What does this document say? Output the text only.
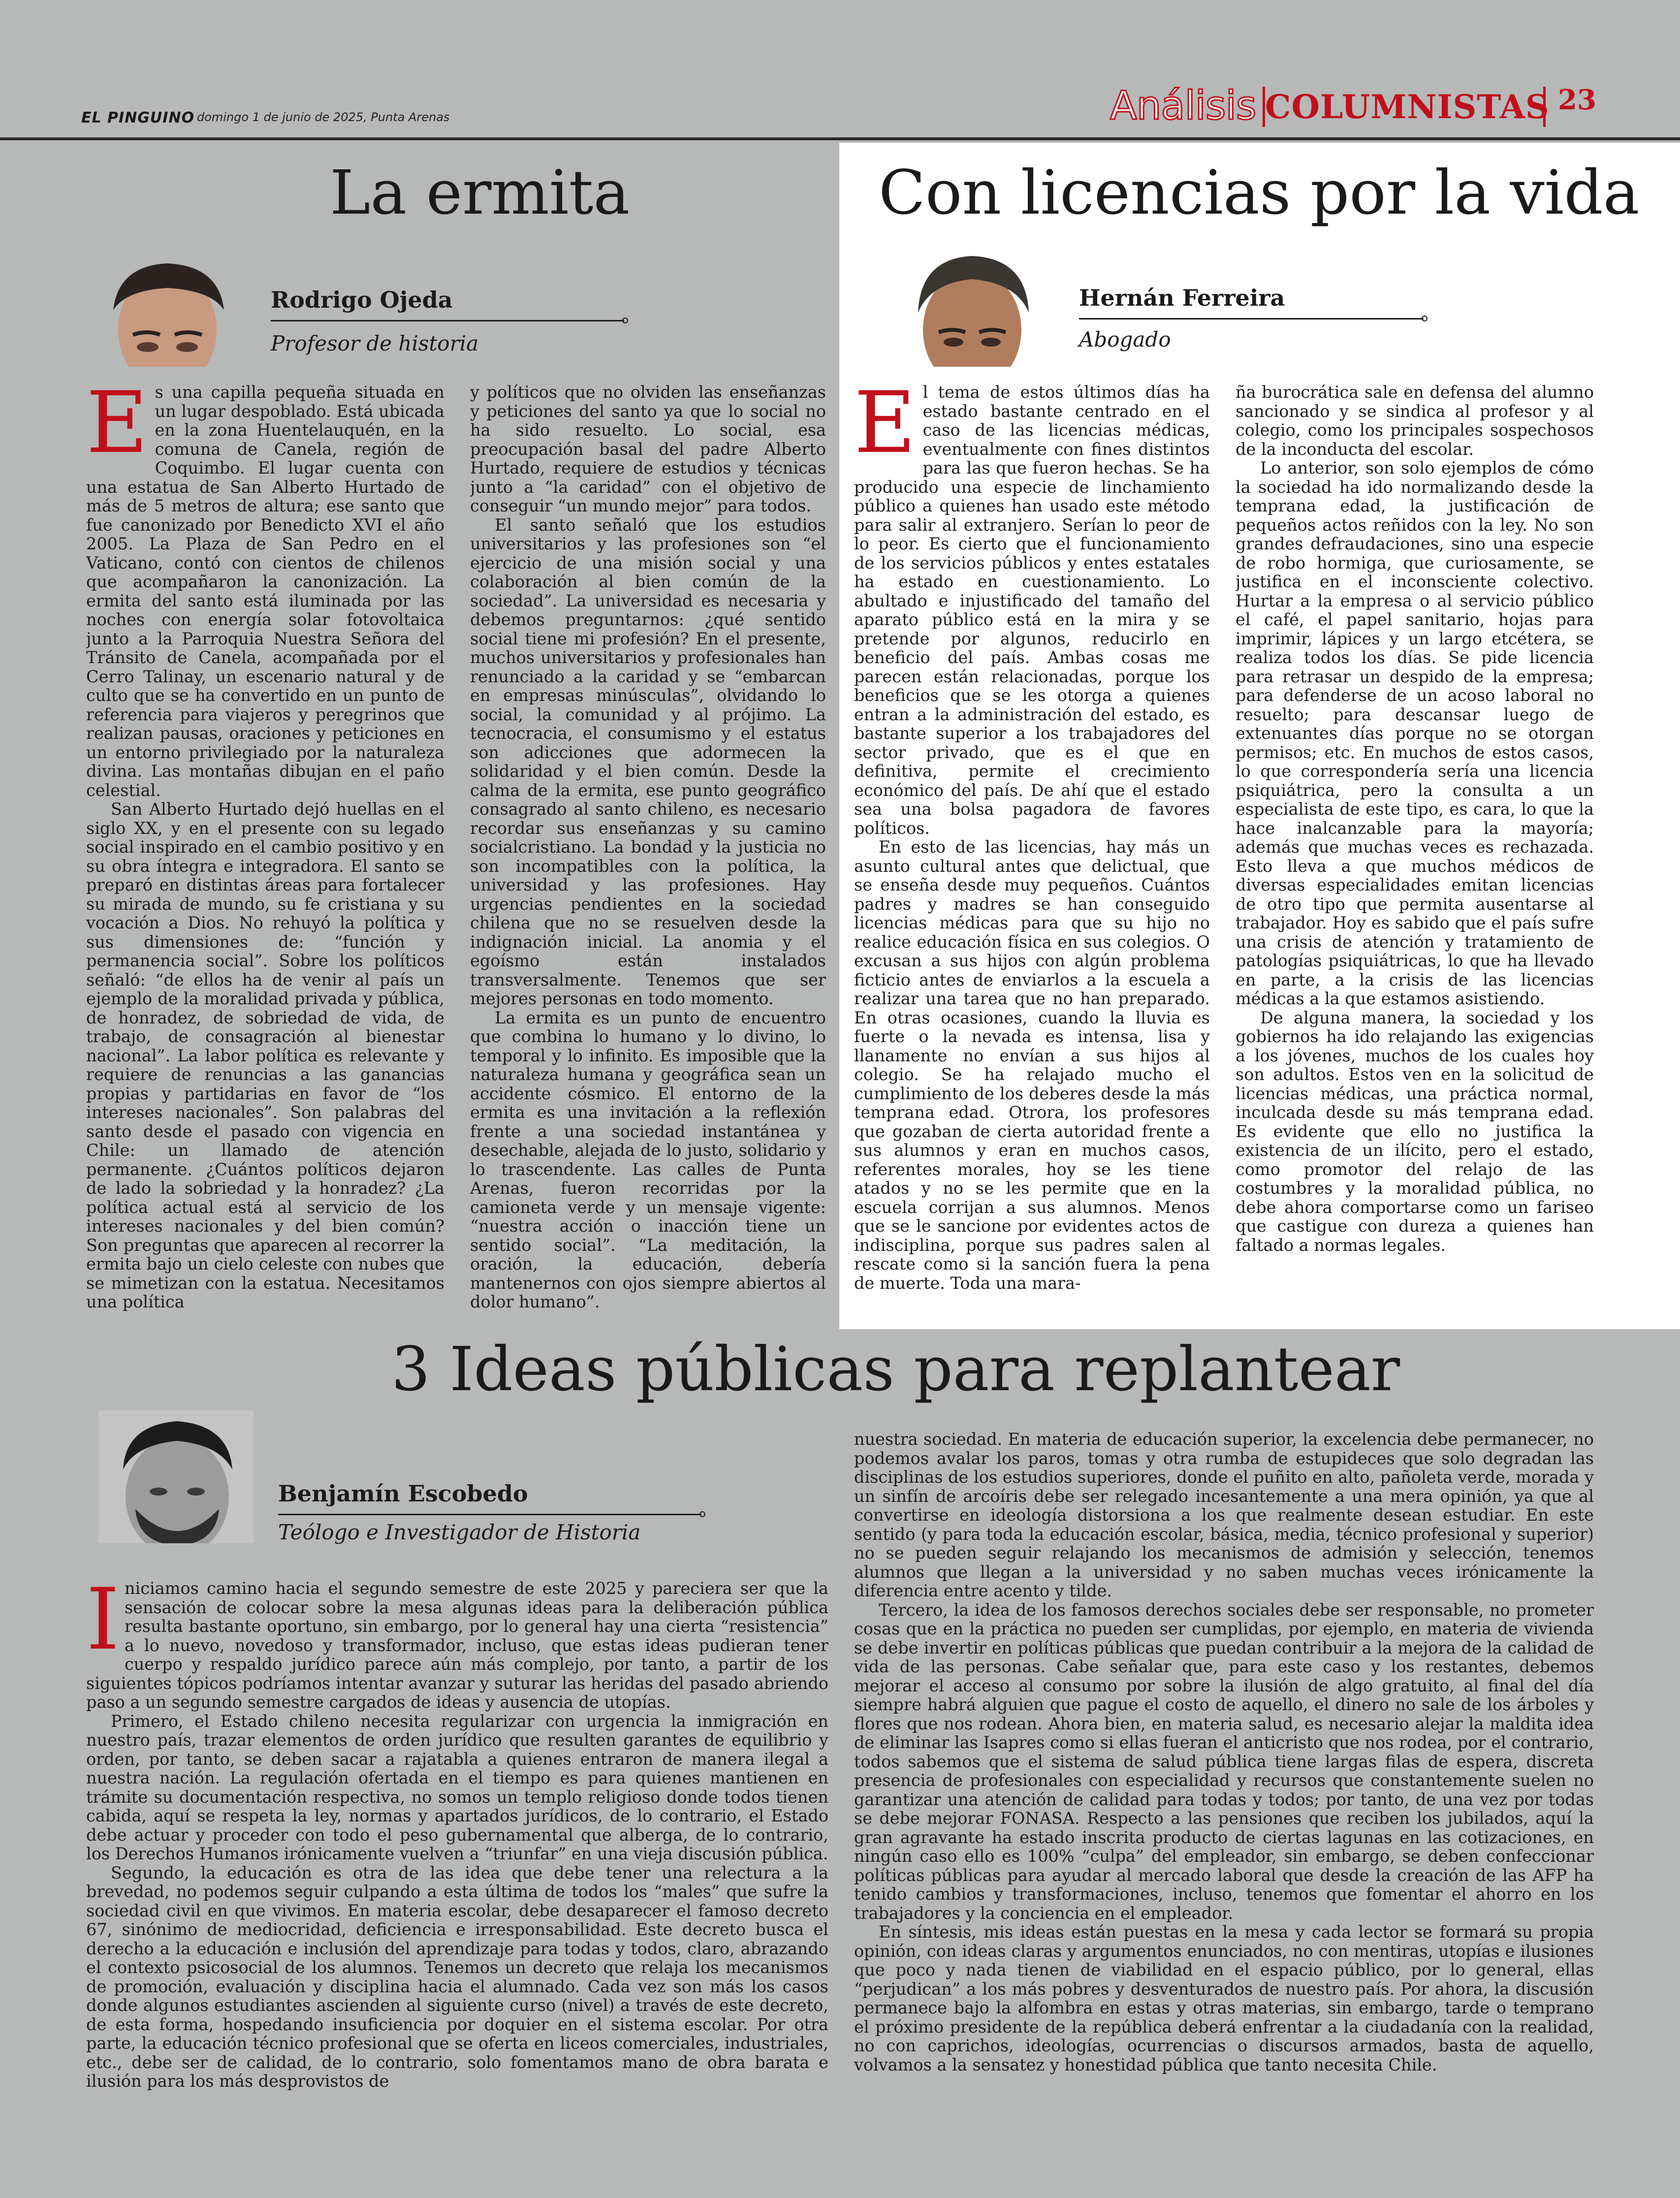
EL PINGUINO domingo 1 de junio de 2025, Punta Arenas	Análisis COLUMNISTAS 23
La ermita
Rodrigo Ojeda
Profesor de historia
E s una capilla pequeña situada en un lugar despoblado. Está ubicada en la zona Huentelauquén, en la comuna de Canela, región de Coquimbo. El lugar cuenta con una estatua de San Alberto Hurtado de más de 5 metros de altura; ese santo que fue canonizado por Benedicto XVI el año 2005. La Plaza de San Pedro en el Vaticano, contó con cientos de chilenos que acompañaron la canonización. La ermita del santo está iluminada por las noches con energía solar fotovoltaica junto a la Parroquia Nuestra Señora del Tránsito de Canela, acompañada por el Cerro Talinay, un escenario natural y de culto que se ha convertido en un punto de referencia para viajeros y peregrinos que realizan pausas, oraciones y peticiones en un entorno privilegiado por la naturaleza divina. Las montañas dibujan en el paño celestial.

San Alberto Hurtado dejó huellas en el siglo XX, y en el presente con su legado social inspirado en el cambio positivo y en su obra íntegra e integradora. El santo se preparó en distintas áreas para fortalecer su mirada de mundo, su fe cristiana y su vocación a Dios. No rehuyó la política y sus dimensiones de: “función y permanencia social”. Sobre los políticos señaló: “de ellos ha de venir al país un ejemplo de la moralidad privada y pública, de honradez, de sobriedad de vida, de trabajo, de consagración al bienestar nacional”. La labor política es relevante y requiere de renuncias a las ganancias propias y partidarias en favor de “los intereses nacionales”. Son palabras del santo desde el pasado con vigencia en Chile: un llamado de atención permanente. ¿Cuántos políticos dejaron de lado la sobriedad y la honradez? ¿La política actual está al servicio de los intereses nacionales y del bien común? Son preguntas que aparecen al recorrer la ermita bajo un cielo celeste con nubes que se mimetizan con la estatua. Necesitamos una política

y políticos que no olviden las enseñanzas y peticiones del santo ya que lo social no ha sido resuelto. Lo social, esa preocupación basal del padre Alberto Hurtado, requiere de estudios y técnicas junto a “la caridad” con el objetivo de conseguir “un mundo mejor” para todos.

El santo señaló que los estudios universitarios y las profesiones son “el ejercicio de una misión social y una colaboración al bien común de la sociedad”. La universidad es necesaria y debemos preguntarnos: ¿qué sentido social tiene mi profesión? En el presente, muchos universitarios y profesionales han renunciado a la caridad y se “embarcan en empresas minúsculas”, olvidando lo social, la comunidad y al prójimo. La tecnocracia, el consumismo y el estatus son adicciones que adormecen la solidaridad y el bien común. Desde la calma de la ermita, ese punto geográfico consagrado al santo chileno, es necesario recordar sus enseñanzas y su camino socialcristiano. La bondad y la justicia no son incompatibles con la política, la universidad y las profesiones. Hay urgencias pendientes en la sociedad chilena que no se resuelven desde la indignación inicial. La anomia y el egoísmo están instalados transversalmente. Tenemos que ser mejores personas en todo momento.

La ermita es un punto de encuentro que combina lo humano y lo divino, lo temporal y lo infinito. Es imposible que la naturaleza humana y geográfica sean un accidente cósmico. El entorno de la ermita es una invitación a la reflexión frente a una sociedad instantánea y desechable, alejada de lo justo, solidario y lo trascendente. Las calles de Punta Arenas, fueron recorridas por la camioneta verde y un mensaje vigente: “nuestra acción o inacción tiene un sentido social”. “La meditación, la oración, la educación, debería mantenernos con ojos siempre abiertos al dolor humano”.

Con licencias por la vida
Hernán Ferreira
Abogado
E l tema de estos últimos días ha estado bastante centrado en el caso de las licencias médicas, eventualmente con fines distintos para las que fueron hechas. Se ha producido una especie de linchamiento público a quienes han usado este método para salir al extranjero. Serían lo peor de lo peor. Es cierto que el funcionamiento de los servicios públicos y entes estatales ha estado en cuestionamiento. Lo abultado e injustificado del tamaño del aparato público está en la mira y se pretende por algunos, reducirlo en beneficio del país. Ambas cosas me parecen están relacionadas, porque los beneficios que se les otorga a quienes entran a la administración del estado, es bastante superior a los trabajadores del sector privado, que es el que en definitiva, permite el crecimiento económico del país. De ahí que el estado sea una bolsa pagadora de favores políticos.

En esto de las licencias, hay más un asunto cultural antes que delictual, que se enseña desde muy pequeños. Cuántos padres y madres se han conseguido licencias médicas para que su hijo no realice educación física en sus colegios. O excusan a sus hijos con algún problema ficticio antes de enviarlos a la escuela a realizar una tarea que no han preparado. En otras ocasiones, cuando la lluvia es fuerte o la nevada es intensa, lisa y llanamente no envían a sus hijos al colegio. Se ha relajado mucho el cumplimiento de los deberes desde la más temprana edad. Otrora, los profesores que gozaban de cierta autoridad frente a sus alumnos y eran en muchos casos, referentes morales, hoy se les tiene atados y no se les permite que en la escuela corrijan a sus alumnos. Menos que se le sancione por evidentes actos de indisciplina, porque sus padres salen al rescate como si la sanción fuera la pena de muerte. Toda una mara-

ña burocrática sale en defensa del alumno sancionado y se sindica al profesor y al colegio, como los principales sospechosos de la inconducta del escolar.

Lo anterior, son solo ejemplos de cómo la sociedad ha ido normalizando desde la temprana edad, la justificación de pequeños actos reñidos con la ley. No son grandes defraudaciones, sino una especie de robo hormiga, que curiosamente, se justifica en el inconsciente colectivo. Hurtar a la empresa o al servicio público el café, el papel sanitario, hojas para imprimir, lápices y un largo etcétera, se realiza todos los días. Se pide licencia para retrasar un despido de la empresa; para defenderse de un acoso laboral no resuelto; para descansar luego de extenuantes días porque no se otorgan permisos; etc. En muchos de estos casos, lo que correspondería sería una licencia psiquiátrica, pero la consulta a un especialista de este tipo, es cara, lo que la hace inalcanzable para la mayoría; además que muchas veces es rechazada. Esto lleva a que muchos médicos de diversas especialidades emitan licencias de otro tipo que permita ausentarse al trabajador. Hoy es sabido que el país sufre una crisis de atención y tratamiento de patologías psiquiátricas, lo que ha llevado en parte, a la crisis de las licencias médicas a la que estamos asistiendo.

De alguna manera, la sociedad y los gobiernos ha ido relajando las exigencias a los jóvenes, muchos de los cuales hoy son adultos. Estos ven en la solicitud de licencias médicas, una práctica normal, inculcada desde su más temprana edad. Es evidente que ello no justifica la existencia de un ilícito, pero el estado, como promotor del relajo de las costumbres y la moralidad pública, no debe ahora comportarse como un fariseo que castigue con dureza a quienes han faltado a normas legales.

3 Ideas públicas para replantear
Benjamín Escobedo
Teólogo e Investigador de Historia
I niciamos camino hacia el segundo semestre de este 2025 y pareciera ser que la sensación de colocar sobre la mesa algunas ideas para la deliberación pública resulta bastante oportuno, sin embargo, por lo general hay una cierta “resistencia” a lo nuevo, novedoso y transformador, incluso, que estas ideas pudieran tener cuerpo y respaldo jurídico parece aún más complejo, por tanto, a partir de los siguientes tópicos podríamos intentar avanzar y suturar las heridas del pasado abriendo paso a un segundo semestre cargados de ideas y ausencia de utopías.

Primero, el Estado chileno necesita regularizar con urgencia la inmigración en nuestro país, trazar elementos de orden jurídico que resulten garantes de equilibrio y orden, por tanto, se deben sacar a rajatabla a quienes entraron de manera ilegal a nuestra nación. La regulación ofertada en el tiempo es para quienes mantienen en trámite su documentación respectiva, no somos un templo religioso donde todos tienen cabida, aquí se respeta la ley, normas y apartados jurídicos, de lo contrario, el Estado debe actuar y proceder con todo el peso gubernamental que alberga, de lo contrario, los Derechos Humanos irónicamente vuelven a “triunfar” en una vieja discusión pública.

Segundo, la educación es otra de las idea que debe tener una relectura a la brevedad, no podemos seguir culpando a esta última de todos los “males” que sufre la sociedad civil en que vivimos. En materia escolar, debe desaparecer el famoso decreto 67, sinónimo de mediocridad, deficiencia e irresponsabilidad. Este decreto busca el derecho a la educación e inclusión del aprendizaje para todas y todos, claro, abrazando el contexto psicosocial de los alumnos. Tenemos un decreto que relaja los mecanismos de promoción, evaluación y disciplina hacia el alumnado. Cada vez son más los casos donde algunos estudiantes ascienden al siguiente curso (nivel) a través de este decreto, de esta forma, hospedando insuficiencia por doquier en el sistema escolar. Por otra parte, la educación técnico profesional que se oferta en liceos comerciales, industriales, etc., debe ser de calidad, de lo contrario, solo fomentamos mano de obra barata e ilusión para los más desprovistos de

nuestra sociedad. En materia de educación superior, la excelencia debe permanecer, no podemos avalar los paros, tomas y otra rumba de estupideces que solo degradan las disciplinas de los estudios superiores, donde el puñito en alto, pañoleta verde, morada y un sinfín de arcoíris debe ser relegado incesantemente a una mera opinión, ya que al convertirse en ideología distorsiona a los que realmente desean estudiar. En este sentido (y para toda la educación escolar, básica, media, técnico profesional y superior) no se pueden seguir relajando los mecanismos de admisión y selección, tenemos alumnos que llegan a la universidad y no saben muchas veces irónicamente la diferencia entre acento y tilde.

Tercero, la idea de los famosos derechos sociales debe ser responsable, no prometer cosas que en la práctica no pueden ser cumplidas, por ejemplo, en materia de vivienda se debe invertir en políticas públicas que puedan contribuir a la mejora de la calidad de vida de las personas. Cabe señalar que, para este caso y los restantes, debemos mejorar el acceso al consumo por sobre la ilusión de algo gratuito, al final del día siempre habrá alguien que pague el costo de aquello, el dinero no sale de los árboles y flores que nos rodean. Ahora bien, en materia salud, es necesario alejar la maldita idea de eliminar las Isapres como si ellas fueran el anticristo que nos rodea, por el contrario, todos sabemos que el sistema de salud pública tiene largas filas de espera, discreta presencia de profesionales con especialidad y recursos que constantemente suelen no garantizar una atención de calidad para todas y todos; por tanto, de una vez por todas se debe mejorar FONASA. Respecto a las pensiones que reciben los jubilados, aquí la gran agravante ha estado inscrita producto de ciertas lagunas en las cotizaciones, en ningún caso ello es 100% “culpa” del empleador, sin embargo, se deben confeccionar políticas públicas para ayudar al mercado laboral que desde la creación de las AFP ha tenido cambios y transformaciones, incluso, tenemos que fomentar el ahorro en los trabajadores y la conciencia en el empleador.

En síntesis, mis ideas están puestas en la mesa y cada lector se formará su propia opinión, con ideas claras y argumentos enunciados, no con mentiras, utopías e ilusiones que poco y nada tienen de viabilidad en el espacio público, por lo general, ellas “perjudican” a los más pobres y desventurados de nuestro país. Por ahora, la discusión permanece bajo la alfombra en estas y otras materias, sin embargo, tarde o temprano el próximo presidente de la república deberá enfrentar a la ciudadanía con la realidad, no con caprichos, ideologías, ocurrencias o discursos armados, basta de aquello, volvamos a la sensatez y honestidad pública que tanto necesita Chile.
